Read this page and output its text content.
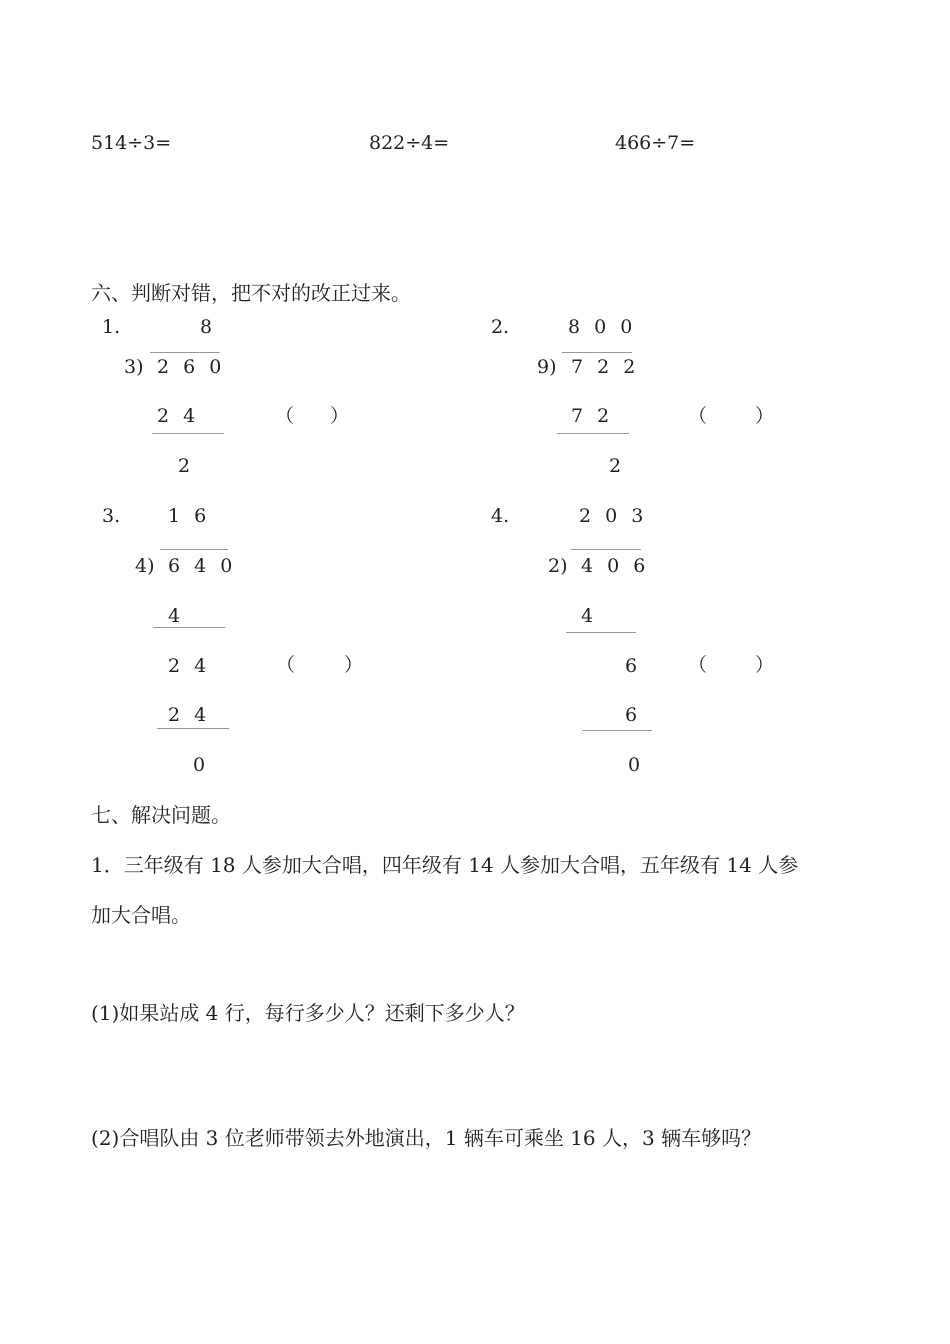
514÷3=	822÷4=	466÷7=
六、判断对错，把不对的改正过来。
1.	8
3) 2 6 0
2 4
2
（ ）
2.	8 0 0
9) 7 2 2
7 2
2
（	）
3.	1 6
4) 6 4 0
4
2 4
2 4
0
（	）
4.	2 0 3
2) 4 0 6
4
6
6
0
（	）
七、解决问题。
1．三年级有 18 人参加大合唱，四年级有 14 人参加大合唱，五年级有 14 人参
加大合唱。
(1)如果站成 4 行，每行多少人？还剩下多少人？
(2)合唱队由 3 位老师带领去外地演出，1 辆车可乘坐 16 人，3 辆车够吗？
